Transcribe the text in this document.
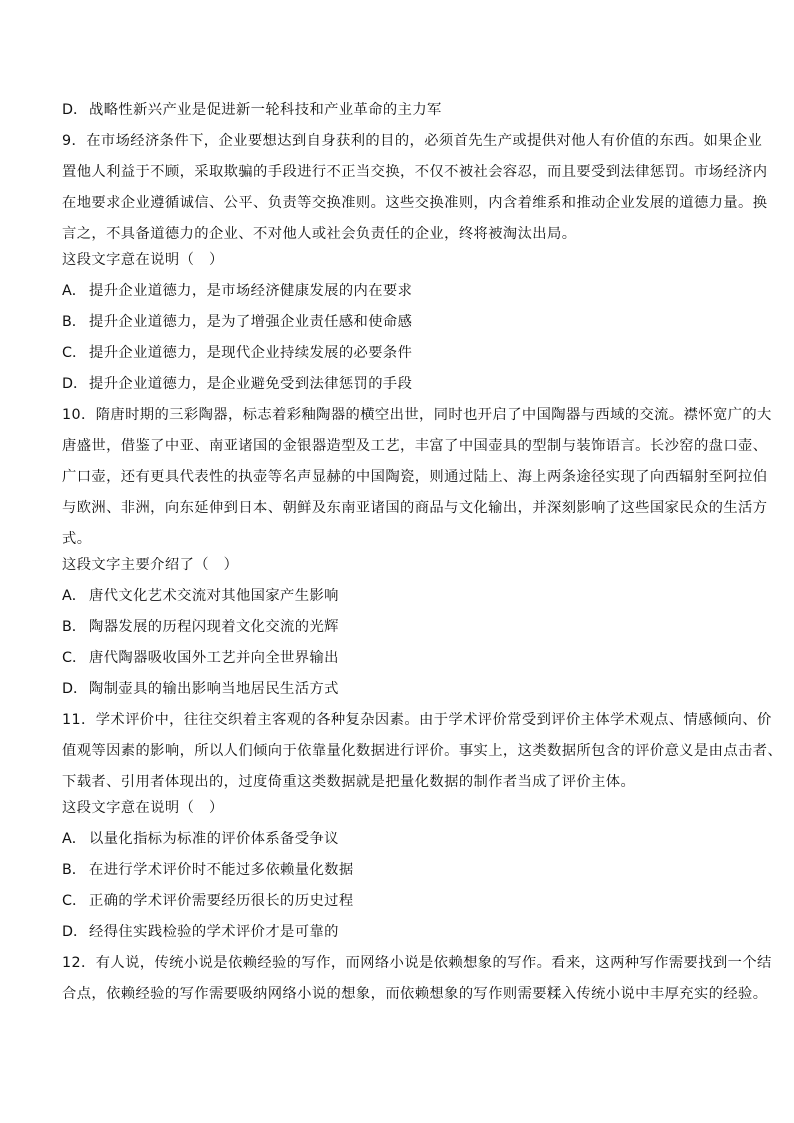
D． 战略性新兴产业是促进新一轮科技和产业革命的主力军
9．在市场经济条件下，企业要想达到自身获利的目的，必须首先生产或提供对他人有价值的东西。如果企业
置他人利益于不顾，采取欺骗的手段进行不正当交换，不仅不被社会容忍，而且要受到法律惩罚。市场经济内
在地要求企业遵循诚信、公平、负责等交换准则。这些交换准则，内含着维系和推动企业发展的道德力量。换
言之，不具备道德力的企业、不对他人或社会负责任的企业，终将被淘汰出局。
这段文字意在说明（　）
A． 提升企业道德力，是市场经济健康发展的内在要求
B． 提升企业道德力，是为了增强企业责任感和使命感
C． 提升企业道德力，是现代企业持续发展的必要条件
D． 提升企业道德力，是企业避免受到法律惩罚的手段
10．隋唐时期的三彩陶器，标志着彩釉陶器的横空出世，同时也开启了中国陶器与西域的交流。襟怀宽广的大
唐盛世，借鉴了中亚、南亚诸国的金银器造型及工艺，丰富了中国壶具的型制与装饰语言。长沙窑的盘口壶、
广口壶，还有更具代表性的执壶等名声显赫的中国陶瓷，则通过陆上、海上两条途径实现了向西辐射至阿拉伯
与欧洲、非洲，向东延伸到日本、朝鲜及东南亚诸国的商品与文化输出，并深刻影响了这些国家民众的生活方
式。
这段文字主要介绍了（　）
A． 唐代文化艺术交流对其他国家产生影响
B． 陶器发展的历程闪现着文化交流的光辉
C． 唐代陶器吸收国外工艺并向全世界输出
D． 陶制壶具的输出影响当地居民生活方式
11．学术评价中，往往交织着主客观的各种复杂因素。由于学术评价常受到评价主体学术观点、情感倾向、价
值观等因素的影响，所以人们倾向于依靠量化数据进行评价。事实上，这类数据所包含的评价意义是由点击者、
下载者、引用者体现出的，过度倚重这类数据就是把量化数据的制作者当成了评价主体。
这段文字意在说明（　）
A． 以量化指标为标准的评价体系备受争议
B． 在进行学术评价时不能过多依赖量化数据
C． 正确的学术评价需要经历很长的历史过程
D． 经得住实践检验的学术评价才是可靠的
12．有人说，传统小说是依赖经验的写作，而网络小说是依赖想象的写作。看来，这两种写作需要找到一个结
合点，依赖经验的写作需要吸纳网络小说的想象，而依赖想象的写作则需要糅入传统小说中丰厚充实的经验。
